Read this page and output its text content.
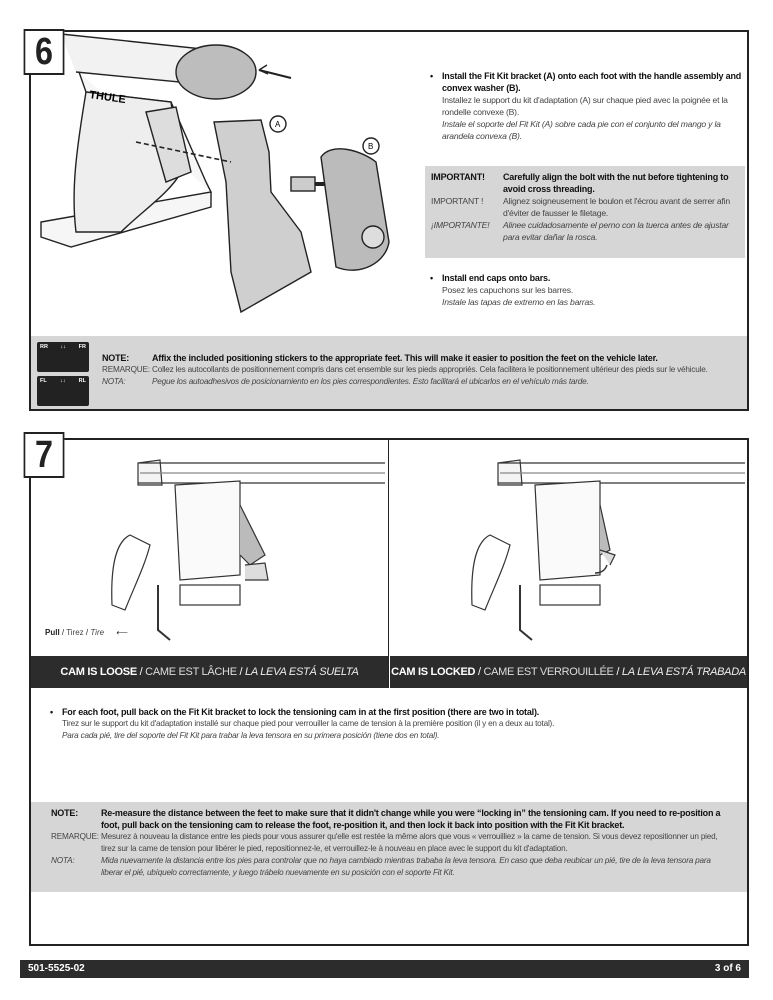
6
THULE
A
B
• Install the Fit Kit bracket (A) onto each foot with the handle assembly and convex washer (B).
Installez le support du kit d'adaptation (A) sur chaque pied avec la poignée et la rondelle convexe (B).
Instale el soporte del Fit Kit (A) sobre cada pie con el conjunto del mango y la arandela convexa (B).
IMPORTANT!	Carefully align the bolt with the nut before tightening to avoid cross threading.
IMPORTANT !	Alignez soigneusement le boulon et l'écrou avant de serrer afin d'éviter de fausser le filetage.
¡IMPORTANTE!	Alinee cuidadosamente el perno con la tuerca antes de ajustar para evitar dañar la rosca.
• Install end caps onto bars.
Posez les capuchons sur les barres.
Instale las tapas de extremo en las barras.
RR ↓↓ FR
FL ↓↓ RL
NOTE:	Affix the included positioning stickers to the appropriate feet. This will make it easier to position the feet on the vehicle later.
REMARQUE: Collez les autocollants de positionnement compris dans cet ensemble sur les pieds appropriés. Cela facilitera le positionnement ultérieur des pieds sur le véhicule.
NOTA:	Pegue los autoadhesivos de posicionamiento en los pies correspondientes. Esto facilitará el ubicarlos en el vehículo más tarde.
7
Pull / Tirez / Tire ⟵
CAM IS LOOSE / CAME EST LÂCHE / LA LEVA ESTÁ SUELTA	CAM IS LOCKED / CAME EST VERROUILLÉE / LA LEVA ESTÁ TRABADA
• For each foot, pull back on the Fit Kit bracket to lock the tensioning cam in at the first position (there are two in total).
Tirez sur le support du kit d'adaptation installé sur chaque pied pour verrouiller la came de tension à la première position (il y en a deux au total).
Para cada pié, tire del soporte del Fit Kit para trabar la leva tensora en su primera posición (tiene dos en total).
NOTE:	Re-measure the distance between the feet to make sure that it didn't change while you were “locking in” the tensioning cam. If you need to re-position a foot, pull back on the tensioning cam to release the foot, re-position it, and then lock it back into position with the Fit Kit bracket.
REMARQUE: Mesurez à nouveau la distance entre les pieds pour vous assurer qu'elle est restée la même alors que vous « verrouilliez » la came de tension. Si vous devez repositionner un pied, tirez sur la came de tension pour libérer le pied, repositionnez-le, et verrouillez-le à nouveau en place avec le support du kit d'adaptation.
NOTA:	Mida nuevamente la distancia entre los pies para controlar que no haya cambiado mientras trababa la leva tensora. En caso que deba reubicar un pié, tire de la leva tensora para liberar el pié, ubíquelo correctamente, y luego trábelo nuevamente en su posición con el soporte Fit Kit.
501-5525-02	3 of 6
